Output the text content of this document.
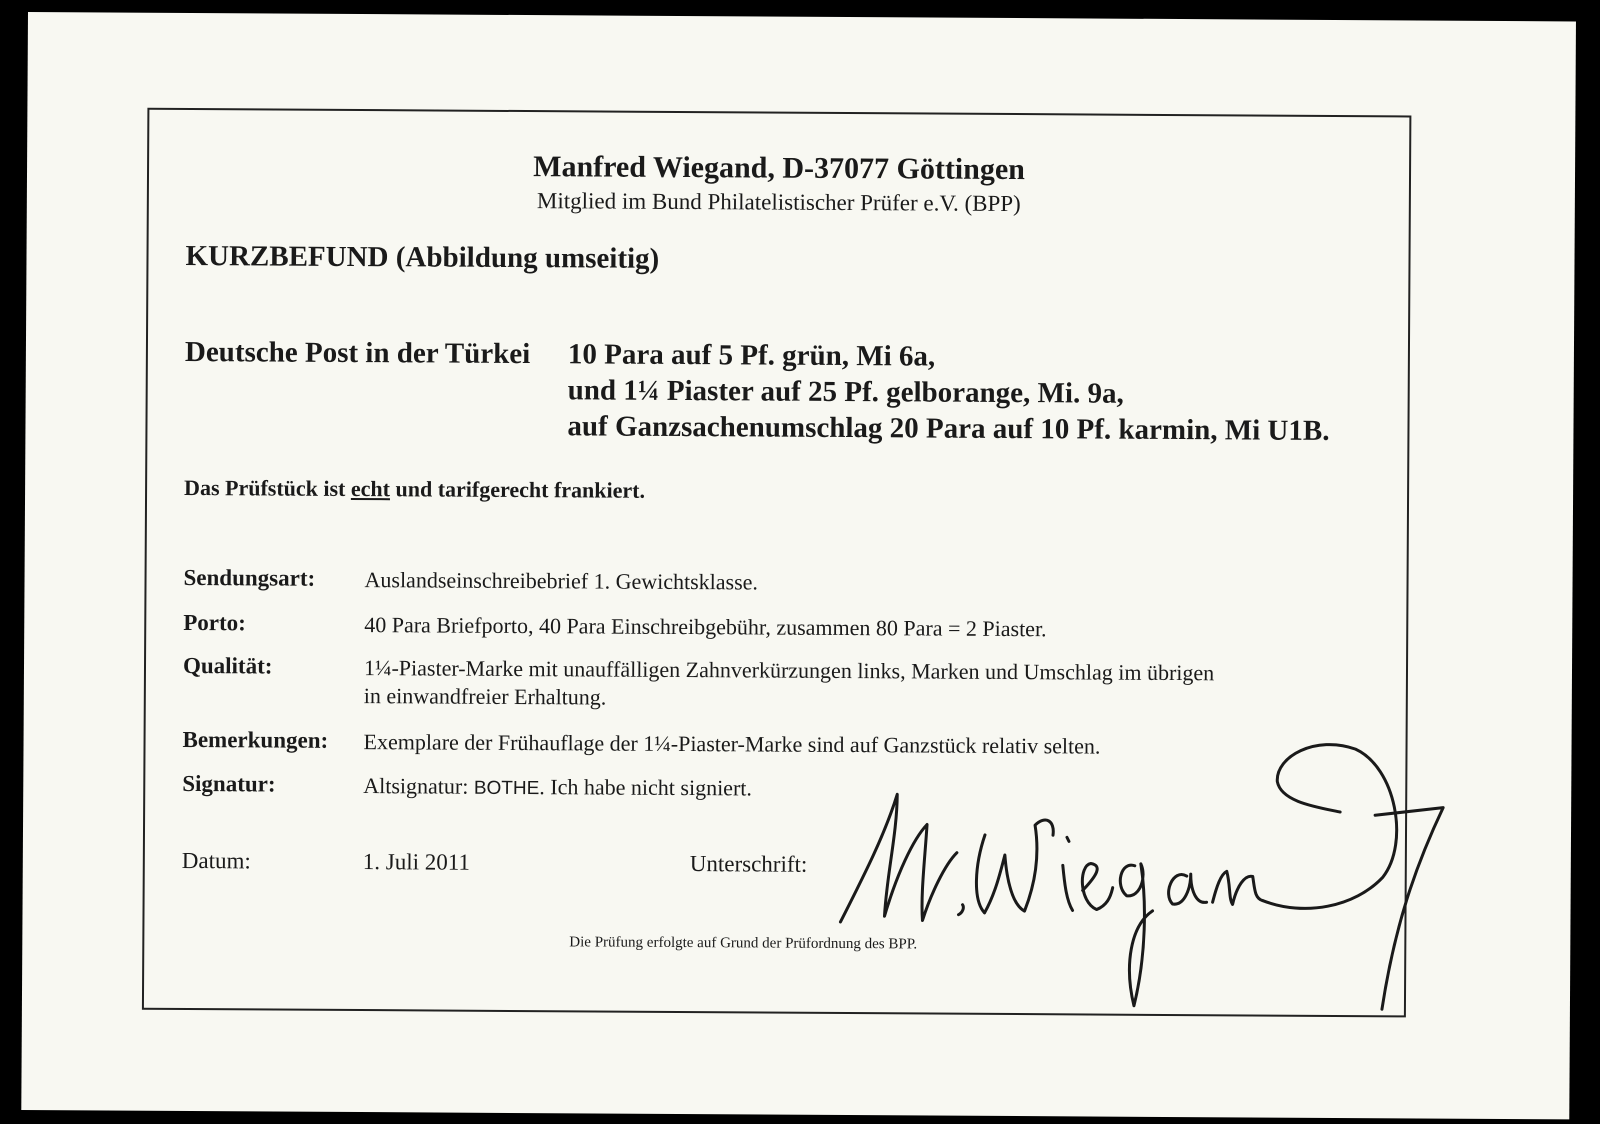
Manfred Wiegand, D-37077 Göttingen
Mitglied im Bund Philatelistischer Prüfer e.V. (BPP)
KURZBEFUND (Abbildung umseitig)
Deutsche Post in der Türkei 10 Para auf 5 Pf. grün, Mi 6a,
und 1¼ Piaster auf 25 Pf. gelborange, Mi. 9a,
auf Ganzsachenumschlag 20 Para auf 10 Pf. karmin, Mi U1B.
Das Prüfstück ist echt und tarifgerecht frankiert.
Sendungsart: Auslandseinschreibebrief 1. Gewichtsklasse.
Porto:	40 Para Briefporto, 40 Para Einschreibgebühr, zusammen 80 Para = 2 Piaster.
Qualität:	1¼-Piaster-Marke mit unauffälligen Zahnverkürzungen links, Marken und Umschlag im übrigen
in einwandfreier Erhaltung.
Bemerkungen: Exemplare der Frühauflage der 1¼-Piaster-Marke sind auf Ganzstück relativ selten.
Signatur:	Altsignatur: BOTHE. Ich habe nicht signiert.
Datum:	1. Juli 2011	Unterschrift:
Die Prüfung erfolgte auf Grund der Prüfordnung des BPP.
